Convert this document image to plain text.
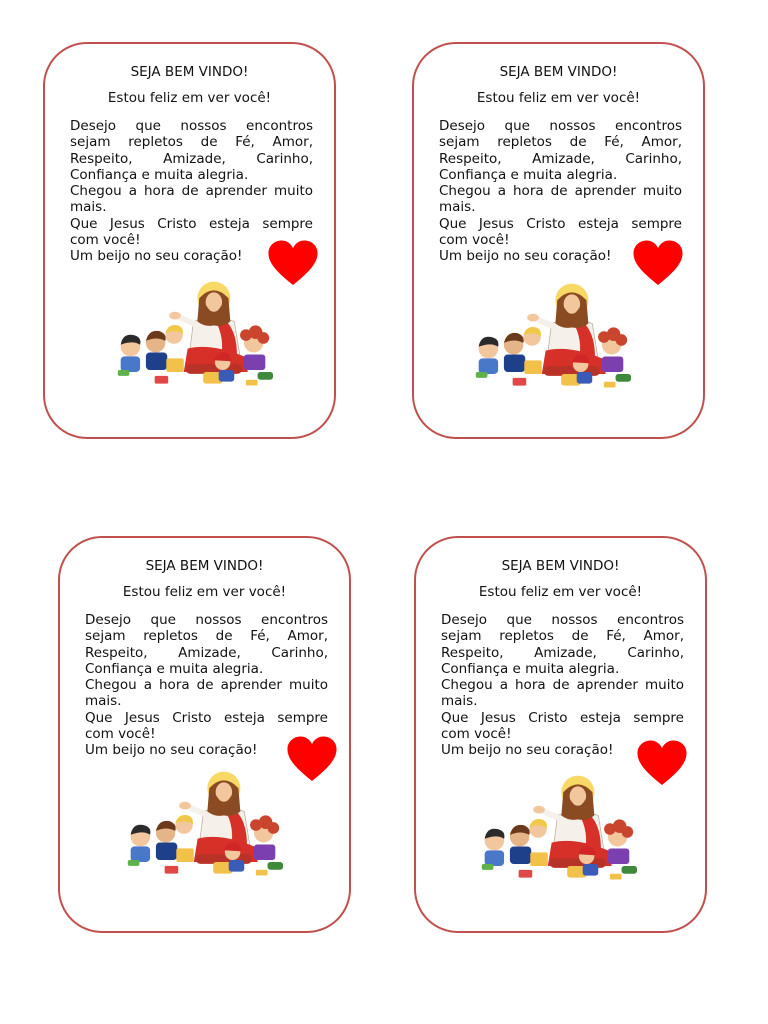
SEJA BEM VINDO!
Estou feliz em ver você!

Desejo que nossos encontros

sejam repletos de Fé, Amor,

Respeito, Amizade, Carinho,

Confiança e muita alegria.

Chegou a hora de aprender muito

mais.

Que Jesus Cristo esteja sempre

com você!

Um beijo no seu coração!

SEJA BEM VINDO!
Estou feliz em ver você!

Desejo que nossos encontros

sejam repletos de Fé, Amor,

Respeito, Amizade, Carinho,

Confiança e muita alegria.

Chegou a hora de aprender muito

mais.

Que Jesus Cristo esteja sempre

com você!

Um beijo no seu coração!

SEJA BEM VINDO!
Estou feliz em ver você!

Desejo que nossos encontros

sejam repletos de Fé, Amor,

Respeito, Amizade, Carinho,

Confiança e muita alegria.

Chegou a hora de aprender muito

mais.

Que Jesus Cristo esteja sempre

com você!

Um beijo no seu coração!

SEJA BEM VINDO!
Estou feliz em ver você!

Desejo que nossos encontros

sejam repletos de Fé, Amor,

Respeito, Amizade, Carinho,

Confiança e muita alegria.

Chegou a hora de aprender muito

mais.

Que Jesus Cristo esteja sempre

com você!

Um beijo no seu coração!
